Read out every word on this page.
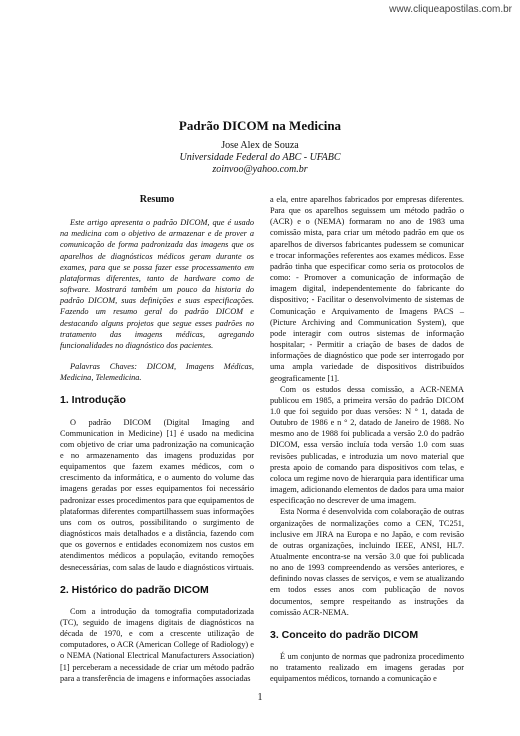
www.cliqueapostilas.com.br
Padrão DICOM na Medicina
Jose Alex de Souza
Universidade Federal do ABC - UFABC
zoinvoo@yahoo.com.br
Resumo

Este artigo apresenta o padrão DICOM, que é usado na medicina com o objetivo de armazenar e de prover a comunicação de forma padronizada das imagens que os aparelhos de diagnósticos médicos geram durante os exames, para que se possa fazer esse processamento em plataformas diferentes, tanto de hardware como de software. Mostrará também um pouco da historia do padrão DICOM, suas definições e suas especificações. Fazendo um resumo geral do padrão DICOM e destacando alguns projetos que segue esses padrões no tratamento das imagens médicas, agregando funcionalidades no diagnóstico dos pacientes.

Palavras Chaves: DICOM, Imagens Médicas, Medicina, Telemedicina.

1. Introdução

O padrão DICOM (Digital Imaging and Communication in Medicine) [1] é usado na medicina com objetivo de criar uma padronização na comunicação e no armazenamento das imagens produzidas por equipamentos que fazem exames médicos, com o crescimento da informática, e o aumento do volume das imagens geradas por esses equipamentos foi necessário padronizar esses procedimentos para que equipamentos de plataformas diferentes compartilhassem suas informações uns com os outros, possibilitando o surgimento de diagnósticos mais detalhados e a distância, fazendo com que os governos e entidades economizem nos custos em atendimentos médicos a população, evitando remoções desnecessárias, com salas de laudo e diagnósticos virtuais.

2. Histórico do padrão DICOM

Com a introdução da tomografia computadorizada (TC), seguido de imagens digitais de diagnósticos na década de 1970, e com a crescente utilização de computadores, o ACR (American College of Radiology) e o NEMA (National Electrical Manufacturers Association) [1] perceberam a necessidade de criar um método padrão para a transferência de imagens e informações associadas

a ela, entre aparelhos fabricados por empresas diferentes. Para que os aparelhos seguissem um método padrão o (ACR) e o (NEMA) formaram no ano de 1983 uma comissão mista, para criar um método padrão em que os aparelhos de diversos fabricantes pudessem se comunicar e trocar informações referentes aos exames médicos. Esse padrão tinha que especificar como seria os protocolos de como: - Promover a comunicação de informação de imagem digital, independentemente do fabricante do dispositivo; - Facilitar o desenvolvimento de sistemas de Comunicação e Arquivamento de Imagens PACS – (Picture Archiving and Communication System), que pode interagir com outros sistemas de informação hospitalar; - Permitir a criação de bases de dados de informações de diagnóstico que pode ser interrogado por uma ampla variedade de dispositivos distribuídos geograficamente [1].

Com os estudos dessa comissão, a ACR-NEMA publicou em 1985, a primeira versão do padrão DICOM 1.0 que foi seguido por duas versões: N ° 1, datada de Outubro de 1986 e n ° 2, datado de Janeiro de 1988. No mesmo ano de 1988 foi publicada a versão 2.0 do padrão DICOM, essa versão incluía toda versão 1.0 com suas revisões publicadas, e introduzia um novo material que presta apoio de comando para dispositivos com telas, e coloca um regime novo de hierarquia para identificar uma imagem, adicionando elementos de dados para uma maior especificação no descrever de uma imagem.

Esta Norma é desenvolvida com colaboração de outras organizações de normalizações como a CEN, TC251, inclusive em JIRA na Europa e no Japão, e com revisão de outras organizações, incluindo IEEE, ANSI, HL7. Atualmente encontra-se na versão 3.0 que foi publicada no ano de 1993 compreendendo as versões anteriores, e definindo novas classes de serviços, e vem se atualizando em todos esses anos com publicação de novos documentos, sempre respeitando as instruções da comissão ACR-NEMA.

3. Conceito do padrão DICOM

É um conjunto de normas que padroniza procedimento no tratamento realizado em imagens geradas por equipamentos médicos, tornando a comunicação e

1
